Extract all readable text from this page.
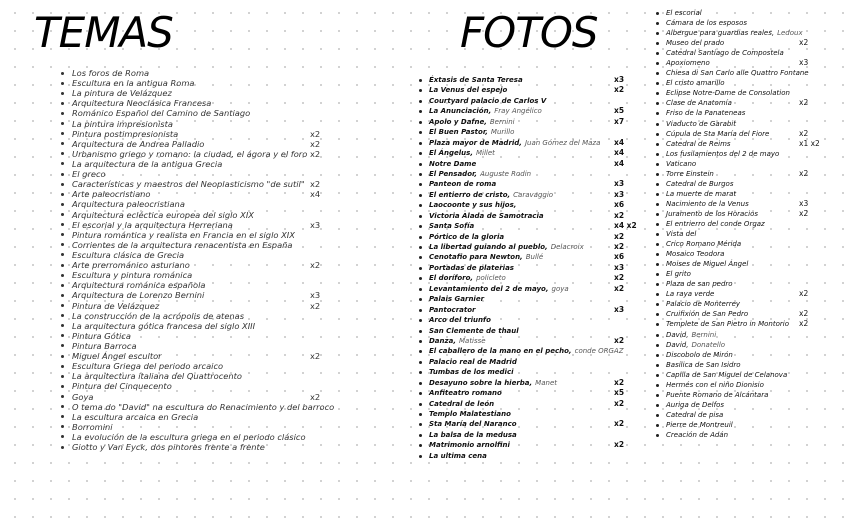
TEMAS	FOTOS
Los foros de Roma
Escultura en la antigua Roma
La pintura de Velázquez
Arquitectura Neoclásica Francesa
Románico Español del Camino de Santiago
La pintura impresionista
Pintura postimpresionista	x2
Arquitectura de Andrea Palladio	x2
Urbanismo griego y romano: la ciudad, el ágora y el foro x2
La arquitectura de la antigua Grecia
El greco
Características y maestros del Neoplasticismo "de sutil" x2
Arte paleocristiano	x4
Arquitectura paleocristiana
Arquitectura ecléctica europea del siglo XIX
El escorial y la arquitectura Herreriana	x3
Pintura romántica y realista en Francia en el siglo XIX
Corrientes de la arquitectura renacentista en España
Escultura clásica de Grecia
Arte prerrománico asturiano	x2
Escultura y pintura románica
Arquitectura románica española
Arquitectura de Lorenzo Bernini	x3
Pintura de Velázquez	x2
La construcción de la acrópolis de atenas
La arquitectura gótica francesa del siglo XIII
Pintura Gótica
Pintura Barroca
Miguel Ángel escultor	x2
Escultura Griega del periodo arcaico
La arquitectura italiana del Quattrocento
Pintura del Cinquecento
Goya	x2
O tema do "David" na escultura do Renacimiento y del barroco
La escultura arcaica en Grecia
Borromini
La evolución de la escultura griega en el periodo clásico
Giotto y Van Eyck, dos pintores frente a frente
Éxtasis de Santa Teresa	x3
La Venus del espejo	x2
Courtyard palacio de Carlos V
La Anunciación, Fray Angélico	x5
Apolo y Dafne, Bernini	x7
El Buen Pastor, Murillo
Plaza mayor de Madrid, Juan Gómez del Maza x4
El Ángelus, Millet	x4
Notre Dame	x4
El Pensador, Auguste Rodin
Panteon de roma	x3
El entierro de cristo, Caravaggio	x3
Laocoonte y sus hijos,	x6
Victoria Alada de Samotracia	x2
Santa Sofía	x4 x2
Pórtico de la gloria	x2
La libertad guiando al pueblo, Delacroix	x2
Cenotafio para Newton, Bullé	x6
Portadas de platerias	x3
El doríforo, policleto	x2
Levantamiento del 2 de mayo, goya	x2
Palais Garnier
Pantocrator	x3
Arco del triunfo
San Clemente de thaul
Danza, Matisse	x2
El caballero de la mano en el pecho, conde ORGAZ
Palacio real de Madrid
Tumbas de los medici
Desayuno sobre la hierba, Manet	x2
Anfiteatro romano	x5
Catedral de león	x2
Templo Malatestiano
Sta María del Naranco	x2
La balsa de la medusa
Matrimonio arnolfini	x2
La ultima cena
El escorial
Cámara de los esposos
Albergue para guardias reales, Ledoux
Museo del prado	x2
Catedral Santiago de Compostela
Apoxiomeno	x3
Chiesa di San Carlo alle Quattro Fontane
El cristo amarillo
Eclipse Notre-Dame de Consolation
Clase de Anatomía	x2
Friso de la Panateneas
Viaducto de Garabit
Cúpula de Sta María del Fiore	x2
Catedral de Reims	x1 x2
Los fusilamientos del 2 de mayo
Vaticano
Torre Einstein	x2
Catedral de Burgos
La muerte de marat
Nacimiento de la Venus	x3
Juramento de los Horacios	x2
El entrierro del conde Orgaz
Vista del
Crico Romano Mérida
Mosaico Teodora
Moises de Miguel Ángel
El grito
Plaza de san pedro
La raya verde	x2
Palacio de Monterrey
Cruifixión de San Pedro	x2
Templete de San Pietro in Montorio x2
David, Bernini
David, Donatello
Discobolo de Mirón
Basílica de San Isidro
Capilla de San Miguel de Celanova
Hermés con el niño Dionisio
Puente Romano de Alcántara
Auriga de Delfos
Catedral de pisa
Pierre de Montreuil
Creación de Adán
